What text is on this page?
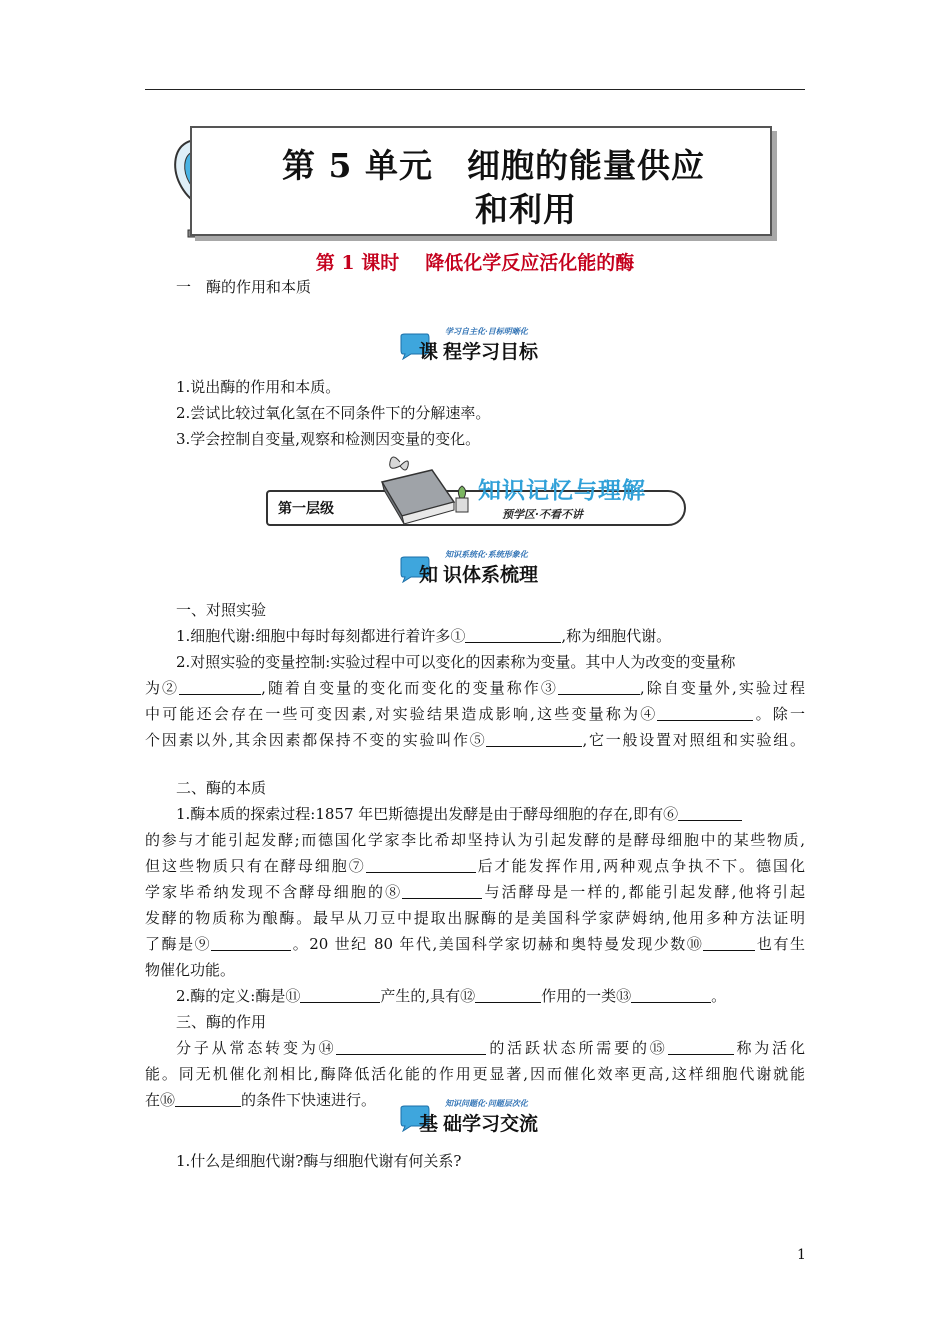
第 5 单元 细胞的能量供应
和利用
第 1 课时 降低化学反应活化能的酶
一　酶的作用和本质
学习自主化·目标明晰化
课 程学习目标
1.说出酶的作用和本质。
2.尝试比较过氧化氢在不同条件下的分解速率。
3.学会控制自变量,观察和检测因变量的变化。
第一层级
知识记忆与理解
预学区·不看不讲
知识系统化·系统形象化
知 识体系梳理
一、对照实验
1.细胞代谢:细胞中每时每刻都进行着许多①	,称为细胞代谢。
2.对照实验的变量控制:实验过程中可以变化的因素称为变量。其中人为改变的变量称
为②	,随着自变量的变化而变化的变量称作③	,除自变量外,实验过程
中可能还会存在一些可变因素,对实验结果造成影响,这些变量称为④	。除一
个因素以外,其余因素都保持不变的实验叫作⑤	,它一般设置对照组和实验组。
二、酶的本质
1.酶本质的探索过程:1857 年巴斯德提出发酵是由于酵母细胞的存在,即有⑥
的参与才能引起发酵;而德国化学家李比希却坚持认为引起发酵的是酵母细胞中的某些物质,
但这些物质只有在酵母细胞⑦	后才能发挥作用,两种观点争执不下。德国化
学家毕希纳发现不含酵母细胞的⑧	与活酵母是一样的,都能引起发酵,他将引起
发酵的物质称为酿酶。最早从刀豆中提取出脲酶的是美国科学家萨姆纳,他用多种方法证明
了酶是⑨	。20 世纪 80 年代,美国科学家切赫和奥特曼发现少数⑩	也有生
物催化功能。
2.酶的定义:酶是⑪	产生的,具有⑫	作用的一类⑬	。
三、酶的作用
分子从常态转变为⑭	的活跃状态所需要的⑮	称为活化
能。同无机催化剂相比,酶降低活化能的作用更显著,因而催化效率更高,这样细胞代谢就能
在⑯	的条件下快速进行。	知识问题化·问题层次化
基 础学习交流
1.什么是细胞代谢?酶与细胞代谢有何关系?
1
